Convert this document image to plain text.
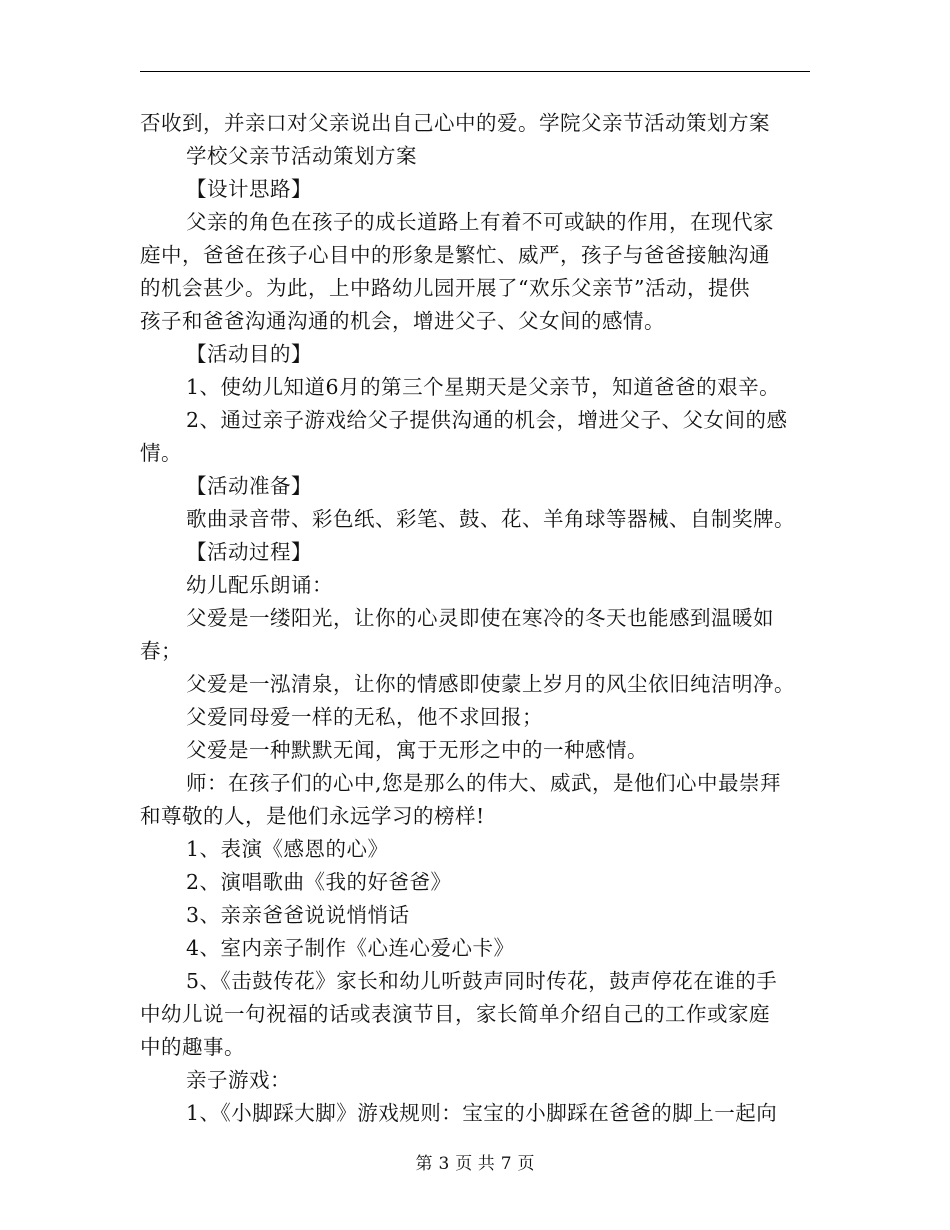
否收到，并亲口对父亲说出自己心中的爱。学院父亲节活动策划方案
学校父亲节活动策划方案
【设计思路】
父亲的角色在孩子的成长道路上有着不可或缺的作用，在现代家
庭中，爸爸在孩子心目中的形象是繁忙、威严，孩子与爸爸接触沟通
的机会甚少。为此，上中路幼儿园开展了“欢乐父亲节”活动，提供
孩子和爸爸沟通沟通的机会，增进父子、父女间的感情。
【活动目的】
1、使幼儿知道6月的第三个星期天是父亲节，知道爸爸的艰辛。
2、通过亲子游戏给父子提供沟通的机会，增进父子、父女间的感
情。
【活动准备】
歌曲录音带、彩色纸、彩笔、鼓、花、羊角球等器械、自制奖牌。
【活动过程】
幼儿配乐朗诵：
父爱是一缕阳光，让你的心灵即使在寒冷的冬天也能感到温暖如
春；
父爱是一泓清泉，让你的情感即使蒙上岁月的风尘依旧纯洁明净。
父爱同母爱一样的无私，他不求回报；
父爱是一种默默无闻，寓于无形之中的一种感情。
师：在孩子们的心中,您是那么的伟大、威武，是他们心中最崇拜
和尊敬的人，是他们永远学习的榜样!
1、表演《感恩的心》
2、演唱歌曲《我的好爸爸》
3、亲亲爸爸说说悄悄话
4、室内亲子制作《心连心爱心卡》
5、《击鼓传花》家长和幼儿听鼓声同时传花，鼓声停花在谁的手
中幼儿说一句祝福的话或表演节目，家长简单介绍自己的工作或家庭
中的趣事。
亲子游戏：
1、《小脚踩大脚》游戏规则：宝宝的小脚踩在爸爸的脚上一起向
第 3 页 共 7 页
